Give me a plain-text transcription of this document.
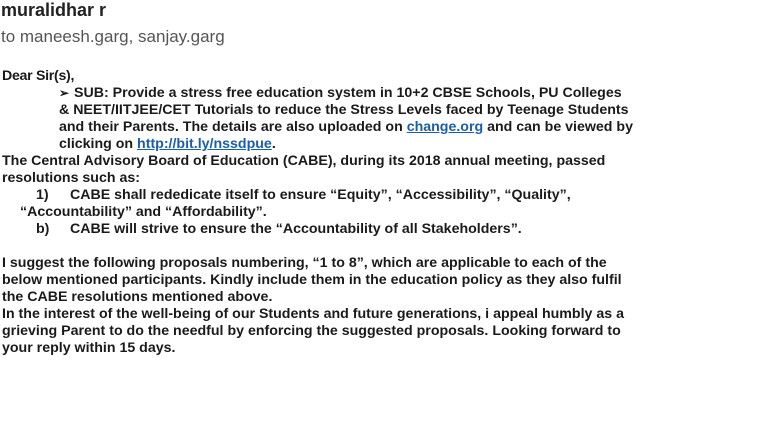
muralidhar r
to maneesh.garg, sanjay.garg

Dear Sir(s),

➢ SUB: Provide a stress free education system in 10+2 CBSE Schools, PU Colleges
& NEET/IITJEE/CET Tutorials to reduce the Stress Levels faced by Teenage Students
and their Parents. The details are also uploaded on change.org and can be viewed by
clicking on http://bit.ly/nssdpue.
The Central Advisory Board of Education (CABE), during its 2018 annual meeting, passed
resolutions such as:
1) CABE shall rededicate itself to ensure “Equity”, “Accessibility”, “Quality”,
“Accountability” and “Affordability”.
b) CABE will strive to ensure the “Accountability of all Stakeholders”.
I suggest the following proposals numbering, “1 to 8”, which are applicable to each of the
below mentioned participants. Kindly include them in the education policy as they also fulfil
the CABE resolutions mentioned above.
In the interest of the well-being of our Students and future generations, i appeal humbly as a
grieving Parent to do the needful by enforcing the suggested proposals. Looking forward to
your reply within 15 days.
